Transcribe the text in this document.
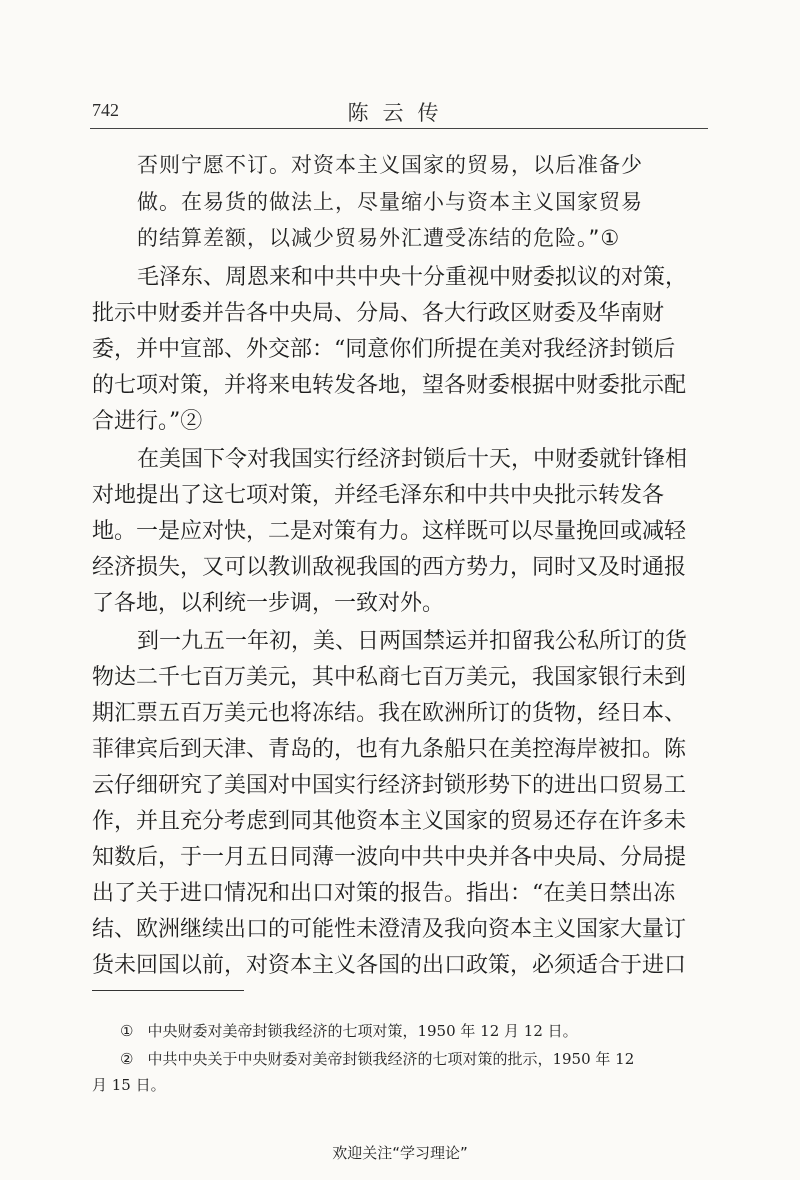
742	陈云传
否则宁愿不订。对资本主义国家的贸易，以后准备少
做。在易货的做法上，尽量缩小与资本主义国家贸易
的结算差额，以减少贸易外汇遭受冻结的危险。”①
毛泽东、周恩来和中共中央十分重视中财委拟议的对策，
批示中财委并告各中央局、分局、各大行政区财委及华南财
委，并中宣部、外交部：“同意你们所提在美对我经济封锁后
的七项对策，并将来电转发各地，望各财委根据中财委批示配
合进行。”②
在美国下令对我国实行经济封锁后十天，中财委就针锋相
对地提出了这七项对策，并经毛泽东和中共中央批示转发各
地。一是应对快，二是对策有力。这样既可以尽量挽回或减轻
经济损失，又可以教训敌视我国的西方势力，同时又及时通报
了各地，以利统一步调，一致对外。
到一九五一年初，美、日两国禁运并扣留我公私所订的货
物达二千七百万美元，其中私商七百万美元，我国家银行未到
期汇票五百万美元也将冻结。我在欧洲所订的货物，经日本、
菲律宾后到天津、青岛的，也有九条船只在美控海岸被扣。陈
云仔细研究了美国对中国实行经济封锁形势下的进出口贸易工
作，并且充分考虑到同其他资本主义国家的贸易还存在许多未
知数后，于一月五日同薄一波向中共中央并各中央局、分局提
出了关于进口情况和出口对策的报告。指出：“在美日禁出冻
结、欧洲继续出口的可能性未澄清及我向资本主义国家大量订
货未回国以前，对资本主义各国的出口政策，必须适合于进口
① 中央财委对美帝封锁我经济的七项对策，1950 年 12 月 12 日。
② 中共中央关于中央财委对美帝封锁我经济的七项对策的批示，1950 年 12
月 15 日。
欢迎关注“学习理论”
